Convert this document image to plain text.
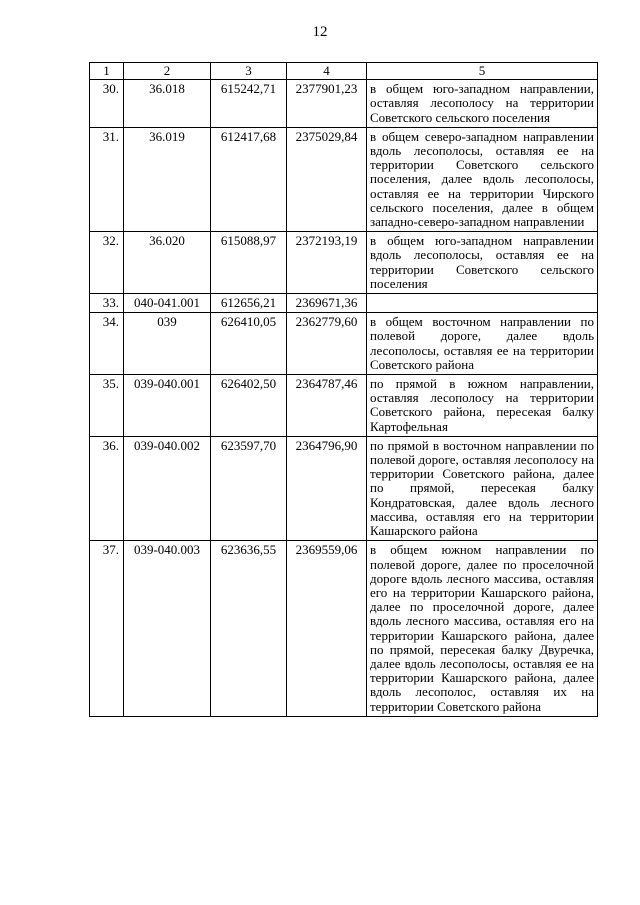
12
1	2	3	4	5
30.	36.018	615242,71	2377901,23	в общем юго-западном направлении, оставляя лесополосу на территории Советского сельского поселения
31.	36.019	612417,68	2375029,84	в общем северо-западном направлении вдоль лесополосы, оставляя ее на территории Советского сельского поселения, далее вдоль лесополосы, оставляя ее на территории Чирского сельского поселения, далее в общем западно-северо-западном направлении
32.	36.020	615088,97	2372193,19	в общем юго-западном направлении вдоль лесополосы, оставляя ее на территории Советского сельского поселения
33.	040-041.001	612656,21	2369671,36	
34.	039	626410,05	2362779,60	в общем восточном направлении по полевой дороге, далее вдоль лесополосы, оставляя ее на территории Советского района
35.	039-040.001	626402,50	2364787,46	по прямой в южном направлении, оставляя лесополосу на территории Советского района, пересекая балку Картофельная
36.	039-040.002	623597,70	2364796,90	по прямой в восточном направлении по полевой дороге, оставляя лесополосу на территории Советского района, далее по прямой, пересекая балку Кондратовская, далее вдоль лесного массива, оставляя его на территории Кашарского района
37.	039-040.003	623636,55	2369559,06	в общем южном направлении по полевой дороге, далее по проселочной дороге вдоль лесного массива, оставляя его на территории Кашарского района, далее по проселочной дороге, далее вдоль лесного массива, оставляя его на территории Кашарского района, далее по прямой, пересекая балку Двуречка, далее вдоль лесополосы, оставляя ее на территории Кашарского района, далее вдоль лесополос, оставляя их на территории Советского района
